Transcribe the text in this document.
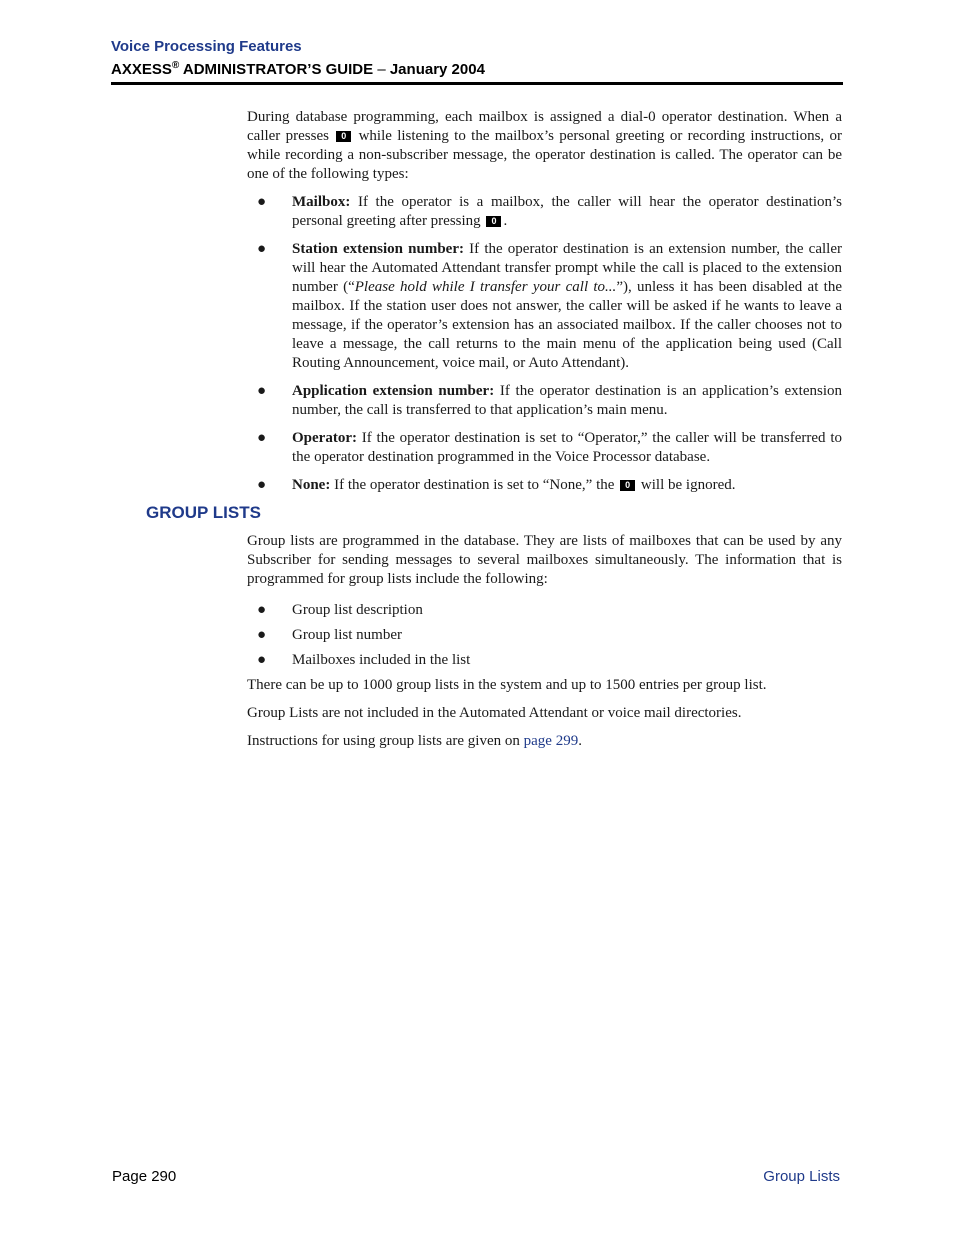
Voice Processing Features
AXXESS® ADMINISTRATOR’S GUIDE – January 2004

During database programming, each mailbox is assigned a dial-0 operator destination. When a caller presses 0 while listening to the mailbox’s personal greeting or recording instructions, or while recording a non-subscriber message, the operator destination is called. The operator can be one of the following types:

● Mailbox: If the operator is a mailbox, the caller will hear the operator destination’s personal greeting after pressing 0 .
● Station extension number: If the operator destination is an extension number, the caller will hear the Automated Attendant transfer prompt while the call is placed to the extension number (“Please hold while I transfer your call to...”), unless it has been disabled at the mailbox. If the station user does not answer, the caller will be asked if he wants to leave a message, if the operator’s extension has an associated mailbox. If the caller chooses not to leave a message, the call returns to the main menu of the application being used (Call Routing Announcement, voice mail, or Auto Attendant).
● Application extension number: If the operator destination is an application’s extension number, the call is transferred to that application’s main menu.
● Operator: If the operator destination is set to “Operator,” the caller will be transferred to the operator destination programmed in the Voice Processor database.
● None: If the operator destination is set to “None,” the 0 will be ignored.
GROUP LISTS

Group lists are programmed in the database. They are lists of mailboxes that can be used by any Subscriber for sending messages to several mailboxes simultaneously. The information that is programmed for group lists include the following:

● Group list description
● Group list number
● Mailboxes included in the list

There can be up to 1000 group lists in the system and up to 1500 entries per group list.

Group Lists are not included in the Automated Attendant or voice mail directories.

Instructions for using group lists are given on page 299.

Page 290	Group Lists
